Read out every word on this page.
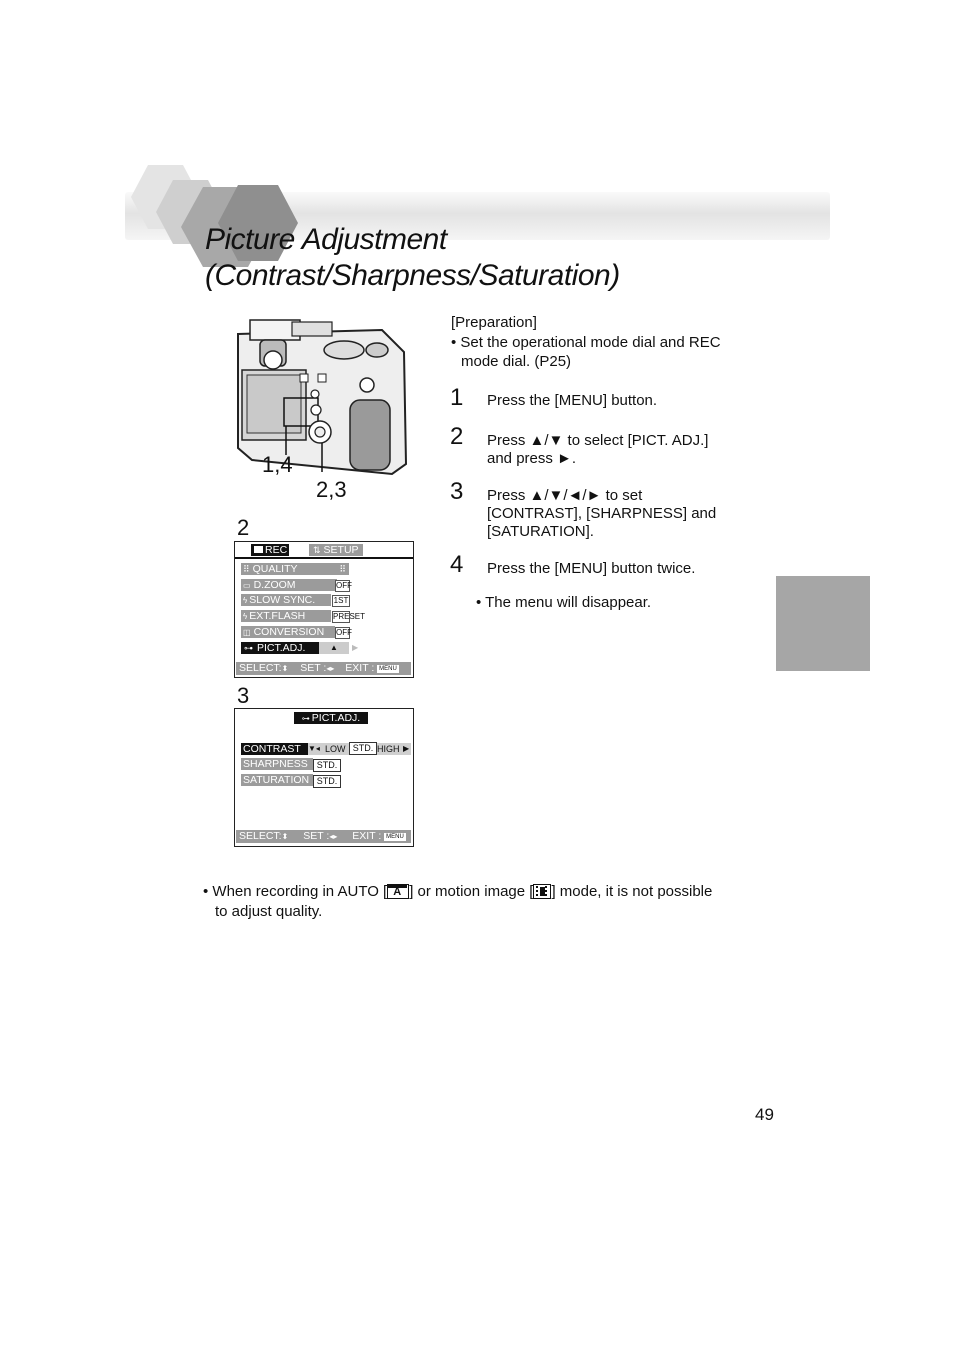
Picture Adjustment
(Contrast/Sharpness/Saturation)
1,4
2,3
2
REC	⇅ SETUP
⠿ QUALITY	⠿
▭ D.ZOOM	OFF
ϟ SLOW SYNC.	1ST
ϟ EXT.FLASH	PRESET
◫ CONVERSION	OFF
⊶ PICT.ADJ.	▲	▶
SELECT:⬍ SET :◂▸ EXIT : MENU
3
⊶ PICT.ADJ.
CONTRAST ▼◂ LOW STD. HIGH ▶
SHARPNESS STD.
SATURATION STD.
SELECT:⬍ SET :◂▸ EXIT : MENU
[Preparation]
• Set the operational mode dial and REC
mode dial. (P25)
1 Press the [MENU] button.
2 Press ▲/▼ to select [PICT. ADJ.]
and press ►.
3 Press ▲/▼/◄/► to set
[CONTRAST], [SHARPNESS] and
[SATURATION].
4 Press the [MENU] button twice.
• The menu will disappear.
• When recording in AUTO [ A ] or motion image [ ] mode, it is not possible
to adjust quality.
49
